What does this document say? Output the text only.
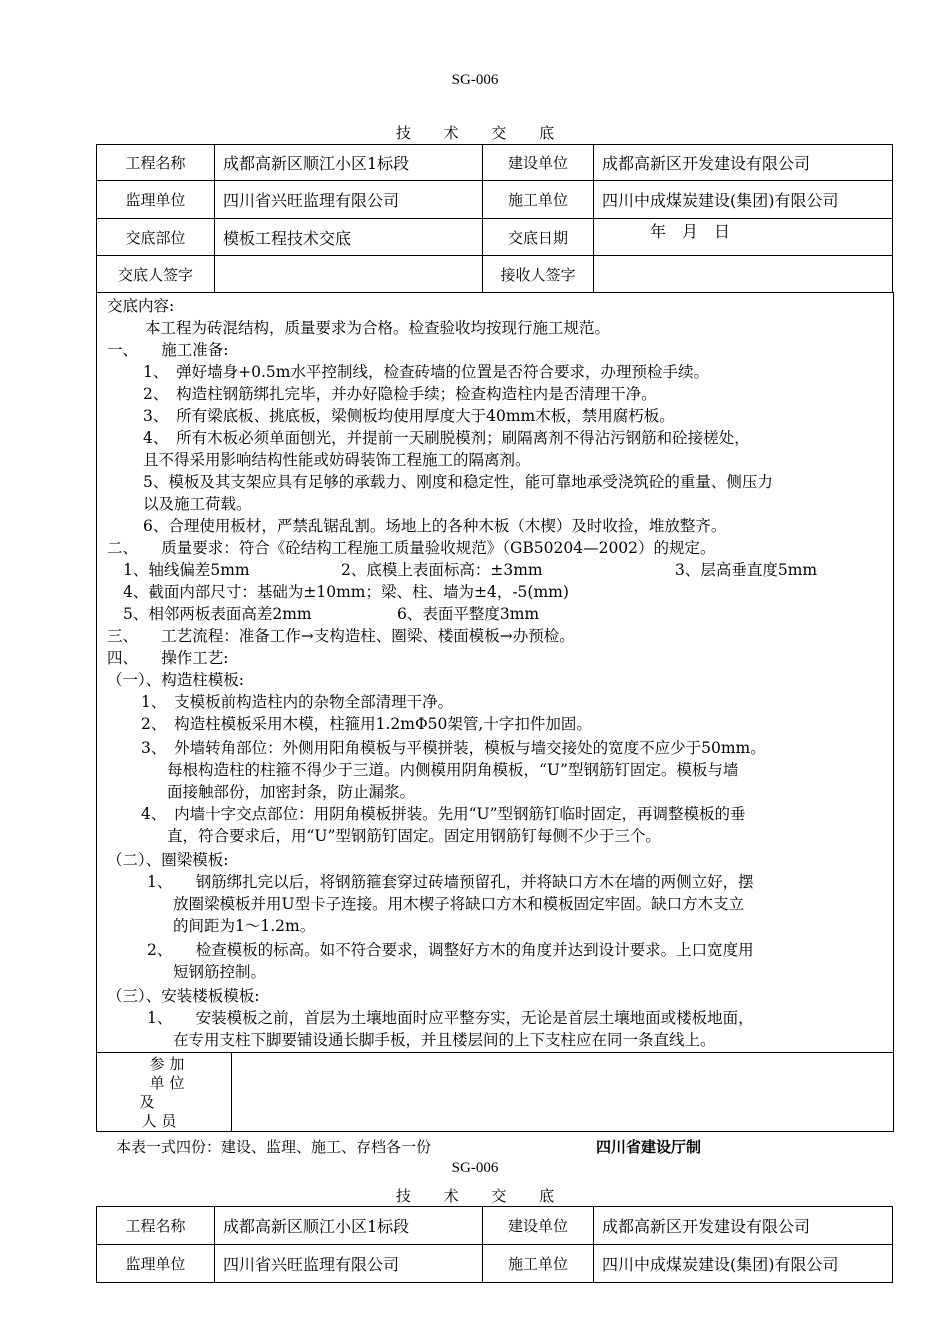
SG-006
技 术 交 底
工程名称	成都高新区顺江小区1标段	建设单位	成都高新区开发建设有限公司
监理单位	四川省兴旺监理有限公司	施工单位	四川中成煤炭建设(集团)有限公司
交底部位	模板工程技术交底	交底日期	年　月　日
交底人签字		接收人签字	
交底内容:
本工程为砖混结构，质量要求为合格。检查验收均按现行施工规范。
一、　　施工准备:
1、　弹好墙身+0.5m水平控制线，检查砖墙的位置是否符合要求，办理预检手续。
2、　构造柱钢筋绑扎完毕，并办好隐检手续；检查构造柱内是否清理干净。
3、　所有梁底板、挑底板，梁侧板均使用厚度大于40mm木板，禁用腐朽板。
4、　所有木板必须单面刨光，并提前一天刷脱模剂；刷隔离剂不得沾污钢筋和砼接槎处，
且不得采用影响结构性能或妨碍装饰工程施工的隔离剂。
5、模板及其支架应具有足够的承载力、刚度和稳定性，能可靠地承受浇筑砼的重量、侧压力
以及施工荷载。
6、合理使用板材，严禁乱锯乱割。场地上的各种木板（木楔）及时收捡，堆放整齐。
二、　　质量要求：符合《砼结构工程施工质量验收规范》（GB50204—2002）的规定。
1、轴线偏差5mm	2、底模上表面标高：±3mm	3、层高垂直度5mm
4、截面内部尺寸：基础为±10mm；梁、柱、墙为±4，-5(mm)
5、相邻两板表面高差2mm	6、表面平整度3mm
三、　　工艺流程：准备工作→支构造柱、圈梁、楼面模板→办预检。
四、　　操作工艺:
（一）、构造柱模板:
1、　支模板前构造柱内的杂物全部清理干净。
2、　构造柱模板采用木模，柱箍用1.2mΦ50架管,十字扣件加固。
3、　外墙转角部位：外侧用阳角模板与平模拼装，模板与墙交接处的宽度不应少于50mm。
每根构造柱的柱箍不得少于三道。内侧模用阴角模板，“U”型钢筋钉固定。模板与墙
面接触部份，加密封条，防止漏浆。
4、　内墙十字交点部位：用阴角模板拼装。先用“U”型钢筋钉临时固定，再调整模板的垂
直，符合要求后，用“U”型钢筋钉固定。固定用钢筋钉每侧不少于三个。
（二）、圈梁模板:
1、　　钢筋绑扎完以后，将钢筋箍套穿过砖墙预留孔，并将缺口方木在墙的两侧立好，摆
放圈梁模板并用U型卡子连接。用木楔子将缺口方木和模板固定牢固。缺口方木支立
的间距为1～1.2m。
2、　　检查模板的标高。如不符合要求，调整好方木的角度并达到设计要求。上口宽度用
短钢筋控制。
（三）、安装楼板模板:
1、　　安装模板之前，首层为土壤地面时应平整夯实，无论是首层土壤地面或楼板地面，
在专用支柱下脚要铺设通长脚手板，并且楼层间的上下支柱应在同一条直线上。
参 加
单 位
及
人 员
本表一式四份：建设、监理、施工、存档各一份	四川省建设厅制
SG-006
技 术 交 底
工程名称	成都高新区顺江小区1标段	建设单位	成都高新区开发建设有限公司
监理单位	四川省兴旺监理有限公司	施工单位	四川中成煤炭建设(集团)有限公司
